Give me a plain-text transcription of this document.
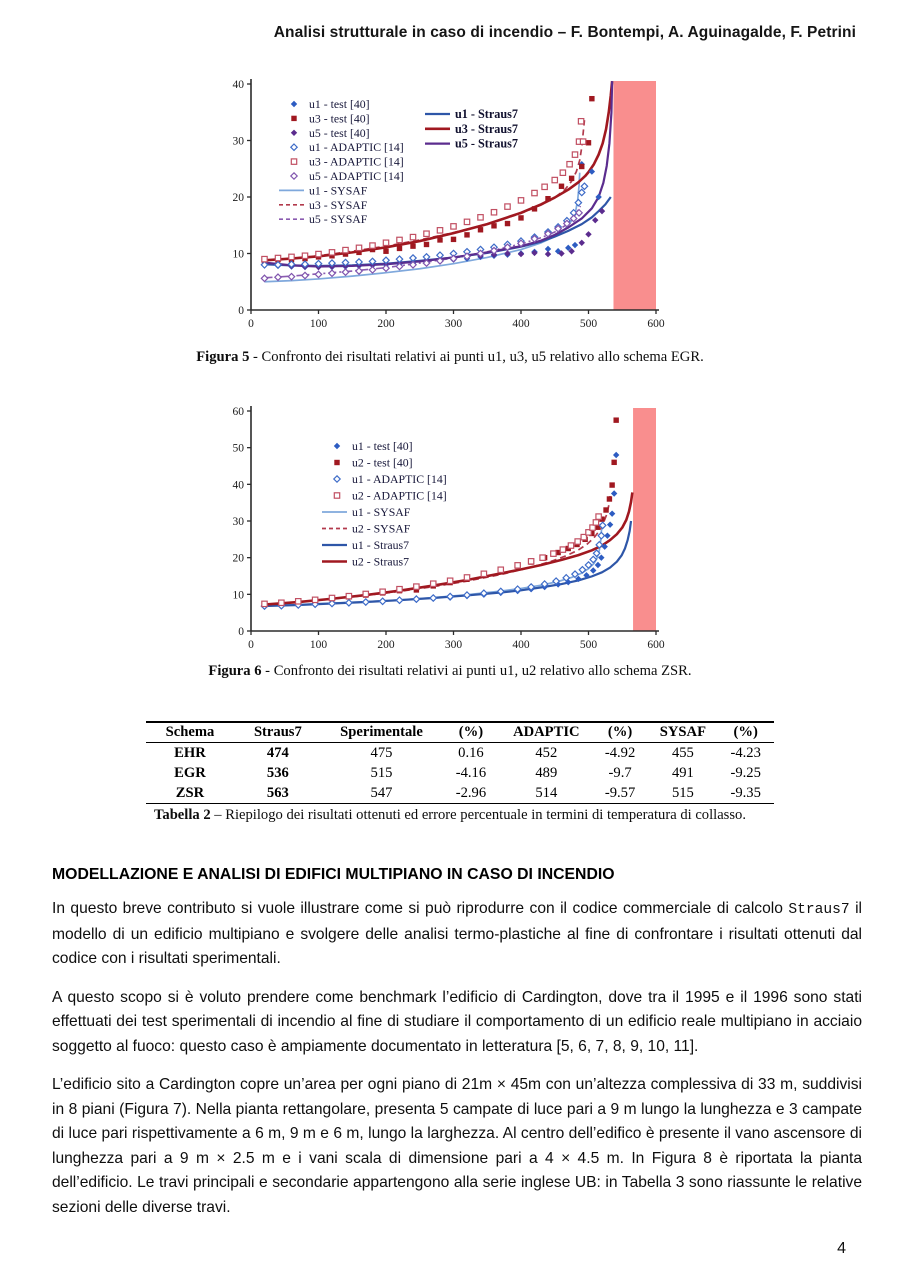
Analisi strutturale in caso di incendio – F. Bontempi, A. Aguinagalde, F. Petrini
0	100	200	300	400	500	600
0
10
20
30
40
u1 - test [40]
u3 - test [40]
u5 - test [40]
u1 - ADAPTIC [14]
u3 - ADAPTIC [14]
u5 - ADAPTIC [14]
u1 - SYSAF
u3 - SYSAF
u5 - SYSAF
u1 - Straus7
u3 - Straus7
u5 - Straus7

Figura 5 - Confronto dei risultati relativi ai punti u1, u3, u5 relativo allo schema EGR.

0	100	200	300	400	500	600
0
10
20
30
40
50
60
u1 - test [40]
u2 - test [40]
u1 - ADAPTIC [14]
u2 - ADAPTIC [14]
u1 - SYSAF
u2 - SYSAF
u1 - Straus7
u2 - Straus7

Figura 6 - Confronto dei risultati relativi ai punti u1, u2 relativo allo schema ZSR.

Schema	Straus7	Sperimentale	(%)	ADAPTIC	(%)	SYSAF	(%)
EHR	474	475	0.16	452	-4.92	455	-4.23
EGR	536	515	-4.16	489	-9.7	491	-9.25
ZSR	563	547	-2.96	514	-9.57	515	-9.35

Tabella 2 – Riepilogo dei risultati ottenuti ed errore percentuale in termini di temperatura di collasso.

MODELLAZIONE E ANALISI DI EDIFICI MULTIPIANO IN CASO DI INCENDIO

In questo breve contributo si vuole illustrare come si può riprodurre con il codice commerciale di calcolo Straus7 il modello di un edificio multipiano e svolgere delle analisi termo-plastiche al fine di confrontare i risultati ottenuti dal codice con i risultati sperimentali.

A questo scopo si è voluto prendere come benchmark l’edificio di Cardington, dove tra il 1995 e il 1996 sono stati effettuati dei test sperimentali di incendio al fine di studiare il comportamento di un edificio reale multipiano in acciaio soggetto al fuoco: questo caso è ampiamente documentato in letteratura [5, 6, 7, 8, 9, 10, 11].

L’edificio sito a Cardington copre un’area per ogni piano di 21m × 45m con un’altezza complessiva di 33 m, suddivisi in 8 piani (Figura 7). Nella pianta rettangolare, presenta 5 campate di luce pari a 9 m lungo la lunghezza e 3 campate di luce pari rispettivamente a 6 m, 9 m e 6 m, lungo la larghezza. Al centro dell’edifico è presente il vano ascensore di lunghezza pari a 9 m × 2.5 m e i vani scala di dimensione pari a 4 × 4.5 m. In Figura 8 è riportata la pianta dell’edificio. Le travi principali e secondarie appartengono alla serie inglese UB: in Tabella 3 sono riassunte le relative sezioni delle diverse travi.

4
